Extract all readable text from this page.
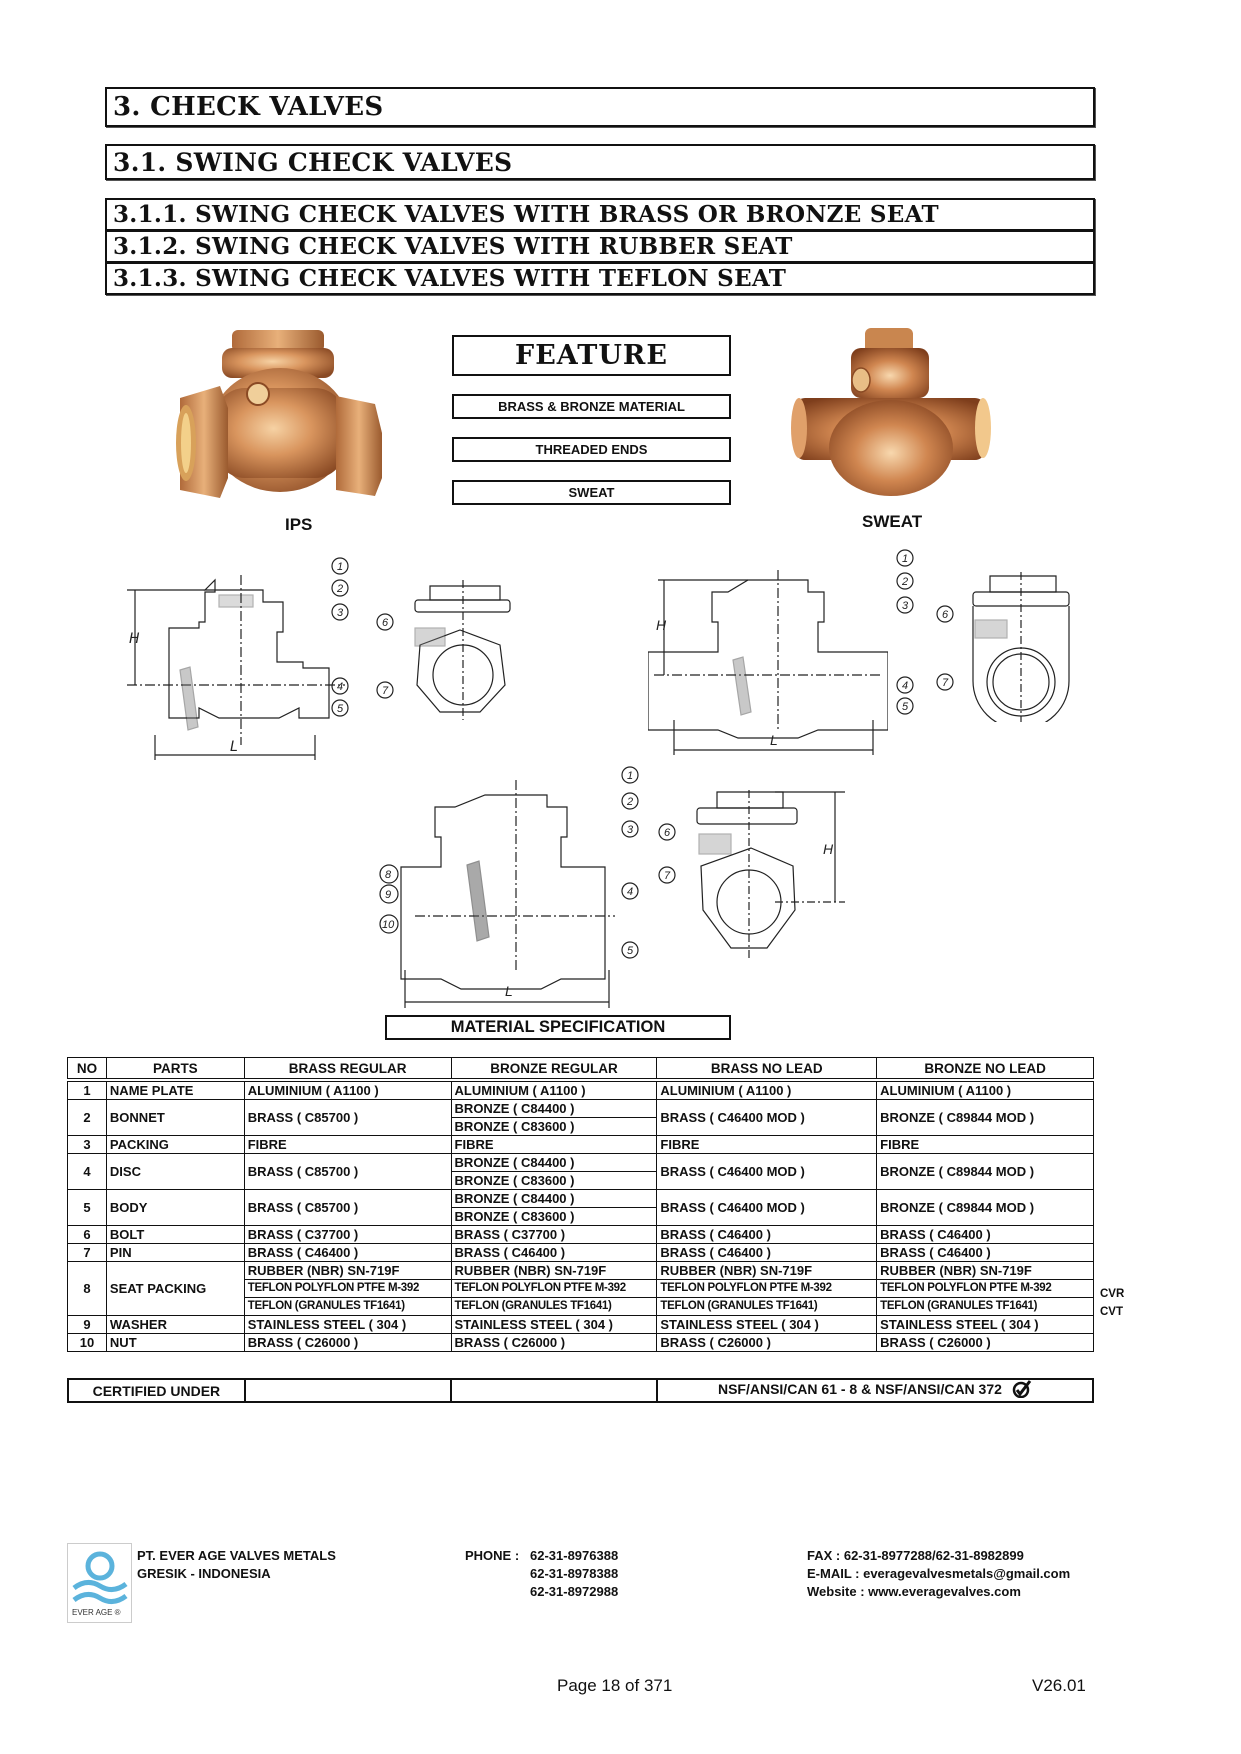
3. CHECK VALVES
3.1. SWING CHECK VALVES
3.1.1. SWING CHECK VALVES WITH BRASS OR BRONZE SEAT
3.1.2. SWING CHECK VALVES WITH RUBBER SEAT
3.1.3. SWING CHECK VALVES WITH TEFLON SEAT
IPS
FEATURE
BRASS & BRONZE MATERIAL
THREADED ENDS
SWEAT
SWEAT
H
L
1
2
3
4
5
6
7
H
L
1
2
3
4
5
6
7
8
9
10
L
1
2
3
4
5
6
7
H
MATERIAL SPECIFICATION
NO	PARTS	BRASS REGULAR	BRONZE REGULAR	BRASS NO LEAD	BRONZE NO LEAD
1	NAME PLATE	ALUMINIUM ( A1100 )	ALUMINIUM ( A1100 )	ALUMINIUM ( A1100 )	ALUMINIUM ( A1100 )
2	BONNET	BRASS ( C85700 )	BRONZE ( C84400 )	BRASS ( C46400 MOD )	BRONZE ( C89844 MOD )
			BRONZE ( C83600 )		
3	PACKING	FIBRE	FIBRE	FIBRE	FIBRE
4	DISC	BRASS ( C85700 )	BRONZE ( C84400 )	BRASS ( C46400 MOD )	BRONZE ( C89844 MOD )
			BRONZE ( C83600 )		
5	BODY	BRASS ( C85700 )	BRONZE ( C84400 )	BRASS ( C46400 MOD )	BRONZE ( C89844 MOD )
			BRONZE ( C83600 )		
6	BOLT	BRASS ( C37700 )	BRASS ( C37700 )	BRASS ( C46400 )	BRASS ( C46400 )
7	PIN	BRASS ( C46400 )	BRASS ( C46400 )	BRASS ( C46400 )	BRASS ( C46400 )
8	SEAT PACKING	RUBBER (NBR) SN-719F	RUBBER (NBR) SN-719F	RUBBER (NBR) SN-719F	RUBBER (NBR) SN-719F
		TEFLON POLYFLON PTFE M-392	TEFLON POLYFLON PTFE M-392	TEFLON POLYFLON PTFE M-392	TEFLON POLYFLON PTFE M-392
		TEFLON (GRANULES TF1641)	TEFLON (GRANULES TF1641)	TEFLON (GRANULES TF1641)	TEFLON (GRANULES TF1641)
9	WASHER	STAINLESS STEEL ( 304 )	STAINLESS STEEL ( 304 )	STAINLESS STEEL ( 304 )	STAINLESS STEEL ( 304 )
10	NUT	BRASS ( C26000 )	BRASS ( C26000 )	BRASS ( C26000 )	BRASS ( C26000 )
CVR
CVT
CERTIFIED UNDER			NSF/ANSI/CAN 61 - 8 & NSF/ANSI/CAN 372
EVER AGE ®
PT. EVER AGE VALVES METALS
GRESIK - INDONESIA
PHONE : 62-31-8976388
62-31-8978388
62-31-8972988
FAX : 62-31-8977288/62-31-8982899
E-MAIL : everagevalvesmetals@gmail.com
Website : www.everagevalves.com
Page 18 of 371	V26.01
